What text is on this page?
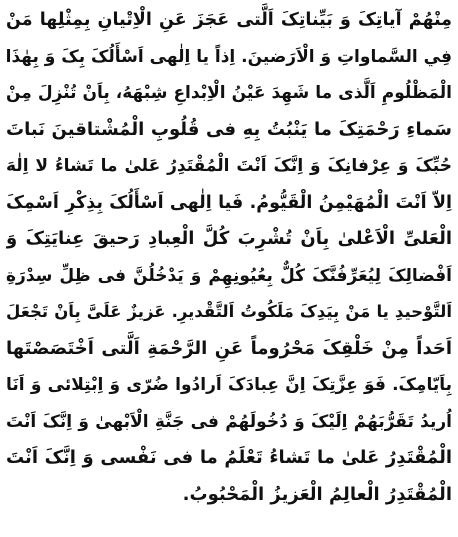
مِنْهُمْ آیاتِکَ وَ بَیِّناتِکَ اَلَّتی عَجَزَ عَنِ الْاِتْیانِ بِمِثْلِها مَنْ
فِي السَّماواتِ وَ الْاَرَضینَ. اِذاً یا اِلٰهی اَسْأَلُکَ بِکَ وَ بِهٰذَا
الْمَظْلُومِ اَلَّذی ما شَهِدَ عَیْنُ الْاِبْداعِ شِبْهَهُ، بِاَنْ تُنْزِلَ مِنْ
سَماءِ رَحْمَتِکَ ما یَنْبُتُ بِهِ فی قُلُوبِ الْمُشْتاقینَ نَباتَ
حُبِّکَ وَ عِرْفانِکَ وَ اِنَّکَ اَنْتَ الْمُقْتَدِرُ عَلیٰ ما تَشاءُ لا اِلٰهَ
اِلاّ اَنْتَ الْمُهَیْمِنُ الْقَیُّومُ. فَیا اِلٰهی اَسْأَلُکَ بِذِکْرِ اَسْمِکَ
الْعَلیِّ الْاَعْلیٰ بِاَنْ تُشْرِبَ کُلَّ الْعِبادِ رَحیقَ عِنایَتِکَ وَ
اَفْضالِکَ لِیُعَرِّفُنَّکَ کُلٌّ بِعُیُونِهِمْ وَ یَدْخُلُنَّ فی ظِلِّ سِدْرَةِ
اَلتَّوْحیدِ یا مَنْ بِیَدِکَ مَلَکُوتُ اَلتَّقْدیرِ. عَزیزٌ عَلَیَّ بِاَنْ تَجْعَلَ
اَحَداً مِنْ خَلْقِکَ مَحْرُوماً عَنِ الرَّحْمَةِ اَلَّتی اَخْتَصَصْتَها
بِاَیّامِکَ. فَوَ عِزَّتِکَ اِنَّ عِبادَکَ اَرادُوا ضُرّی وَ اِبْتِلائی وَ اَنَا
اُریدُ تَقَرُّبَهُمْ اِلَیْکَ وَ دُخُولَهُمْ فی جَنَّةِ الْاَبْهیٰ وَ اِنَّکَ اَنْتَ
الْمُقْتَدِرُ عَلیٰ ما تَشاءُ تَعْلَمُ ما فی نَفْسی وَ اِنَّکَ اَنْتَ
الْمُقْتَدِرُ الْعالِمُ الْعَزیزُ الْمَحْبُوبُ.
